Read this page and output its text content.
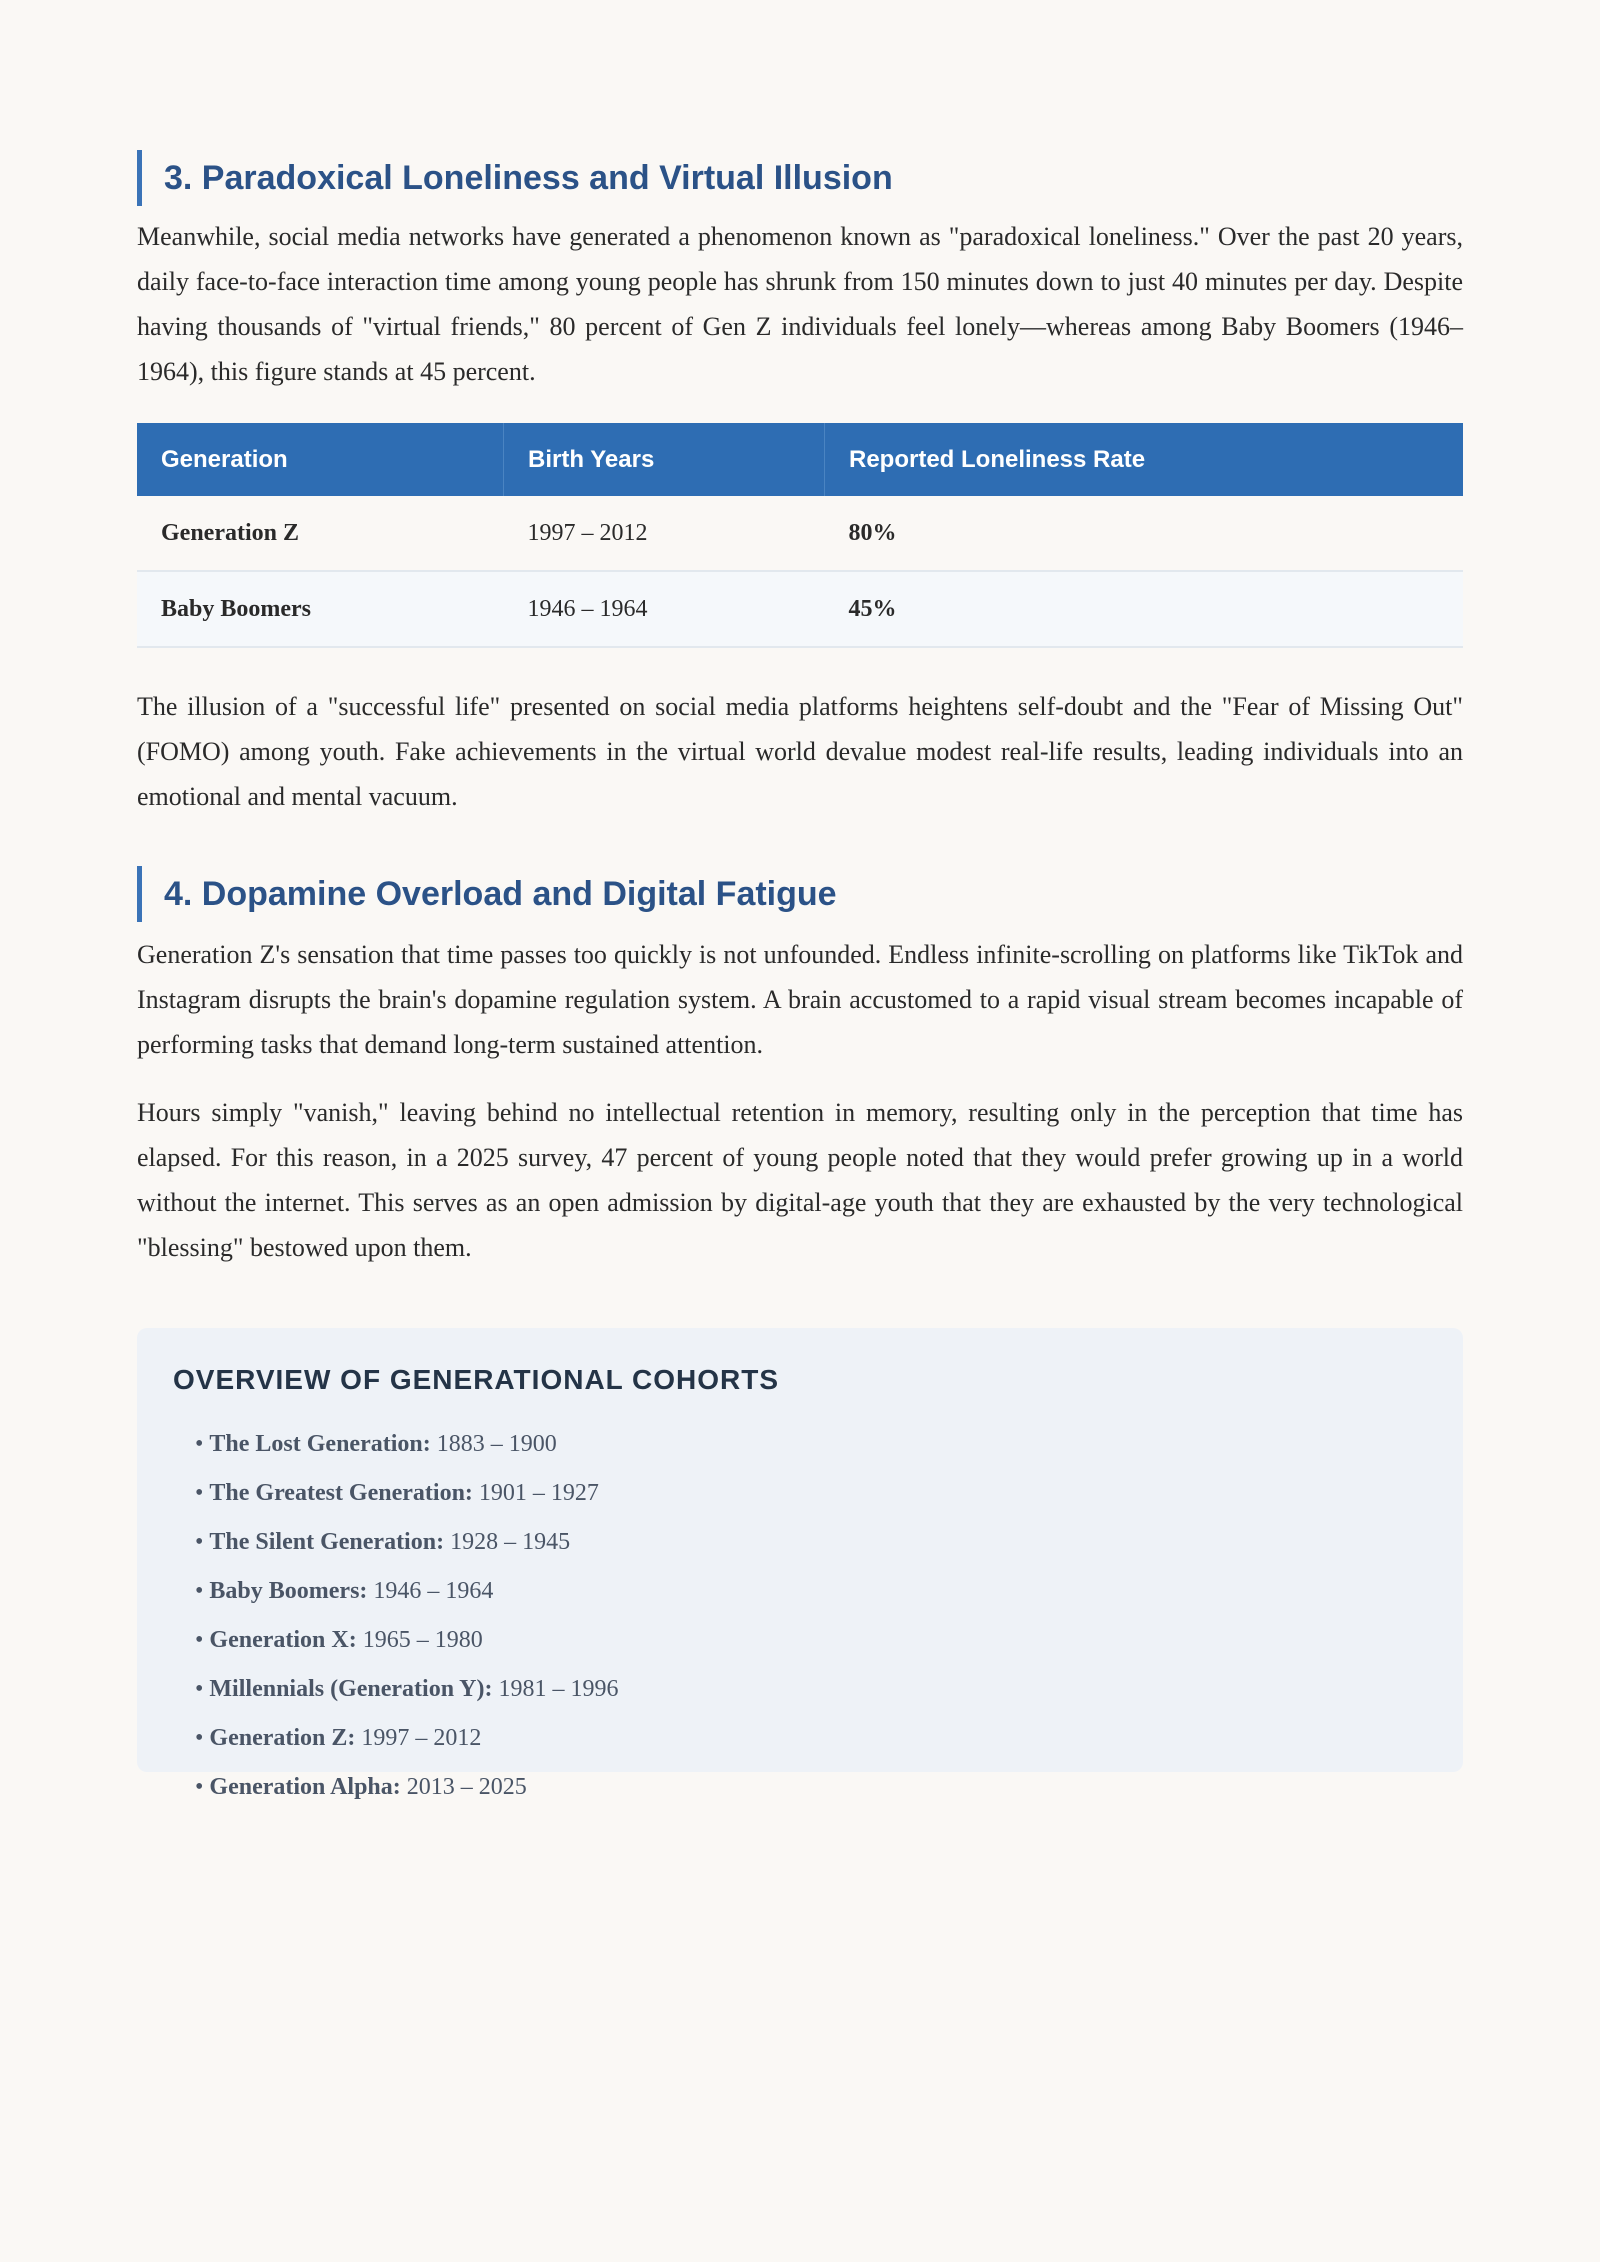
3. Paradoxical Loneliness and Virtual Illusion

Meanwhile, social media networks have generated a phenomenon known as "paradoxical loneliness." Over the past 20 years, daily face-to-face interaction time among young people has shrunk from 150 minutes down to just 40 minutes per day. Despite having thousands of "virtual friends," 80 percent of Gen Z individuals feel lonely—whereas among Baby Boomers (1946–1964), this figure stands at 45 percent.

Generation	Birth Years	Reported Loneliness Rate
Generation Z	1997 – 2012	80%
Baby Boomers	1946 – 1964	45%

The illusion of a "successful life" presented on social media platforms heightens self-doubt and the "Fear of Missing Out" (FOMO) among youth. Fake achievements in the virtual world devalue modest real-life results, leading individuals into an emotional and mental vacuum.

4. Dopamine Overload and Digital Fatigue

Generation Z's sensation that time passes too quickly is not unfounded. Endless infinite-scrolling on platforms like TikTok and Instagram disrupts the brain's dopamine regulation system. A brain accustomed to a rapid visual stream becomes incapable of performing tasks that demand long-term sustained attention.

Hours simply "vanish," leaving behind no intellectual retention in memory, resulting only in the perception that time has elapsed. For this reason, in a 2025 survey, 47 percent of young people noted that they would prefer growing up in a world without the internet. This serves as an open admission by digital-age youth that they are exhausted by the very technological "blessing" bestowed upon them.

OVERVIEW OF GENERATIONAL COHORTS
• The Lost Generation: 1883 – 1900
• The Greatest Generation: 1901 – 1927
• The Silent Generation: 1928 – 1945
• Baby Boomers: 1946 – 1964
• Generation X: 1965 – 1980
• Millennials (Generation Y): 1981 – 1996
• Generation Z: 1997 – 2012
• Generation Alpha: 2013 – 2025
